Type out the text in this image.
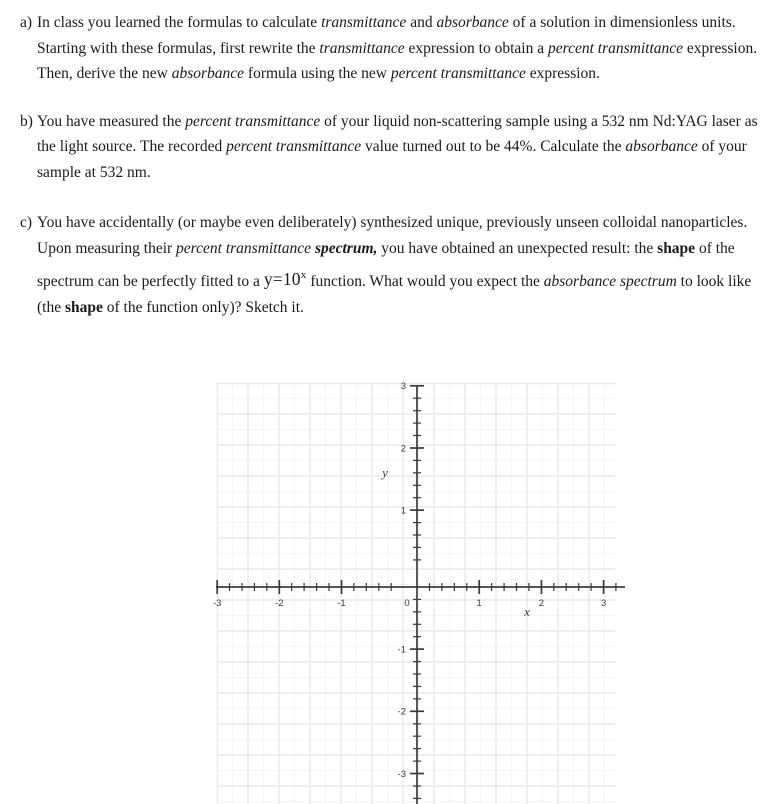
a) In class you learned the formulas to calculate transmittance and absorbance of a solution in dimensionless units. Starting with these formulas, first rewrite the transmittance expression to obtain a percent transmittance expression. Then, derive the new absorbance formula using the new percent transmittance expression.
b) You have measured the percent transmittance of your liquid non-scattering sample using a 532 nm Nd:YAG laser as the light source. The recorded percent transmittance value turned out to be 44%. Calculate the absorbance of your sample at 532 nm.
c) You have accidentally (or maybe even deliberately) synthesized unique, previously unseen colloidal nanoparticles. Upon measuring their percent transmittance spectrum, you have obtained an unexpected result: the shape of the spectrum can be perfectly fitted to a $y=10^x$ function. What would you expect the absorbance spectrum to look like (the shape of the function only)? Sketch it.
-3	-2	-1	0	1	2	3
3
2
1
-1
-2
-3
y
x
